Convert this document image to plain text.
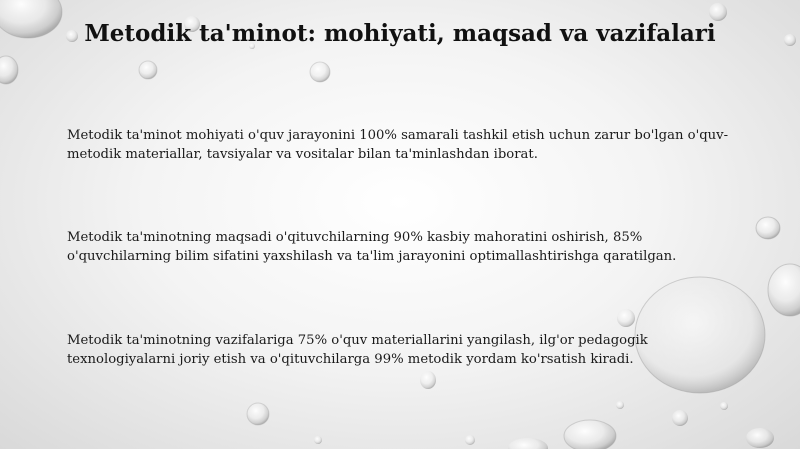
Metodik ta'minot: mohiyati, maqsad va vazifalari
Metodik ta'minot mohiyati o'quv jarayonini 100% samarali tashkil etish uchun zarur bo'lgan o'quv-metodik materiallar, tavsiyalar va vositalar bilan ta'minlashdan iborat.
Metodik ta'minotning maqsadi o'qituvchilarning 90% kasbiy mahoratini oshirish, 85% o'quvchilarning bilim sifatini yaxshilash va ta'lim jarayonini optimallashtirishga qaratilgan.
Metodik ta'minotning vazifalariga 75% o'quv materiallarini yangilash, ilg'or pedagogik texnologiyalarni joriy etish va o'qituvchilarga 99% metodik yordam ko'rsatish kiradi.
